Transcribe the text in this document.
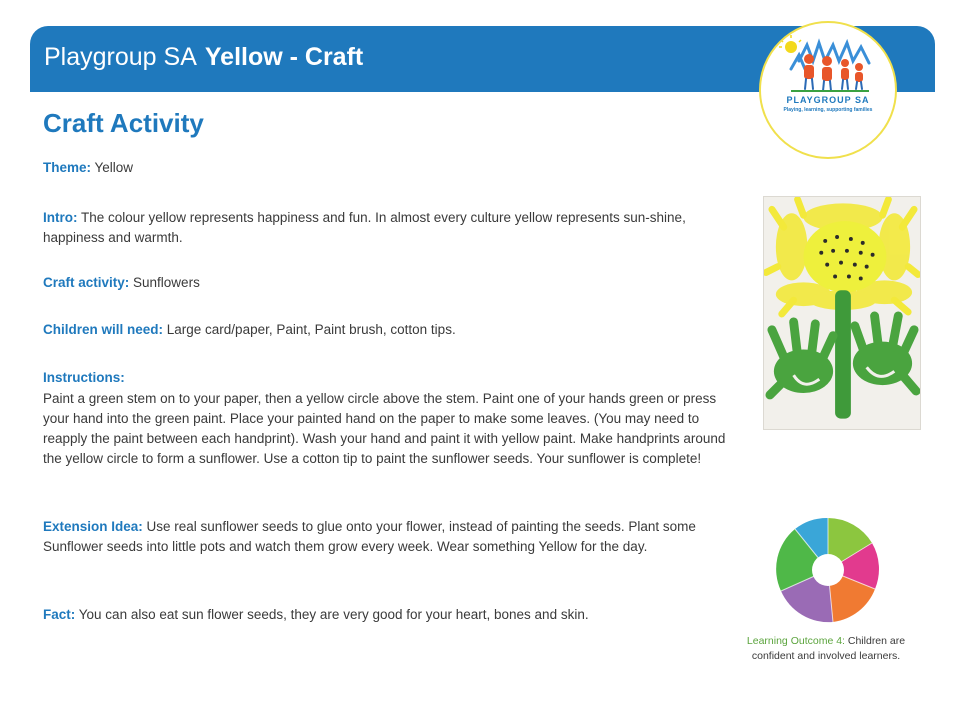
Playgroup SA Yellow - Craft
PLAYGROUP SA
Playing, learning, supporting families
Craft Activity

Theme: Yellow

Intro: The colour yellow represents happiness and fun. In almost every culture yellow represents sun-shine, happiness and warmth.

Craft activity: Sunflowers

Children will need: Large card/paper, Paint, Paint brush, cotton tips.

Instructions:

Paint a green stem on to your paper, then a yellow circle above the stem. Paint one of your hands green or press your hand into the green paint. Place your painted hand on the paper to make some leaves. (You may need to reapply the paint between each handprint). Wash your hand and paint it with yellow paint. Make handprints around the yellow circle to form a sunflower. Use a cotton tip to paint the sunflower seeds. Your sunflower is complete!

Extension Idea: Use real sunflower seeds to glue onto your flower, instead of painting the seeds. Plant some Sunflower seeds into little pots and watch them grow every week. Wear something Yellow for the day.

Fact: You can also eat sun flower seeds, they are very good for your heart, bones and skin.

Learning Outcome 4: Children are confident and involved learners.
